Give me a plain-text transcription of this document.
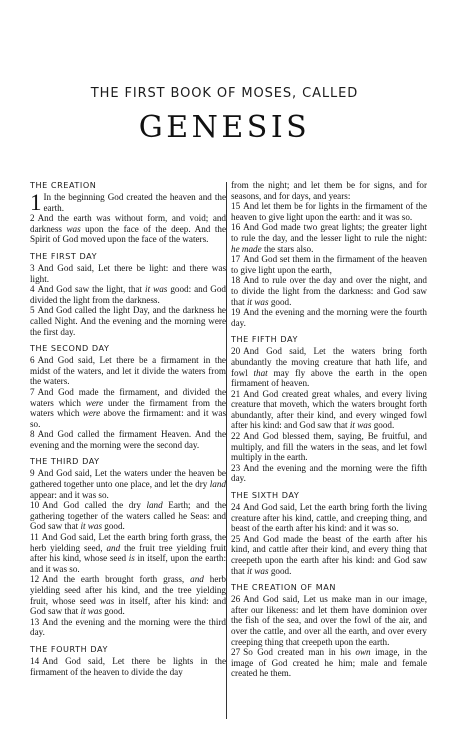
THE FIRST BOOK OF MOSES, CALLED
GENESIS
THE CREATION
1 In the beginning God created the heaven and the earth.
2 And the earth was without form, and void; and darkness was upon the face of the deep. And the Spirit of God moved upon the face of the waters.
THE FIRST DAY
3 And God said, Let there be light: and there was light.
4 And God saw the light, that it was good: and God divided the light from the darkness.
5 And God called the light Day, and the darkness he called Night. And the evening and the morning were the first day.
THE SECOND DAY
6 And God said, Let there be a firmament in the midst of the waters, and let it divide the waters from the waters.
7 And God made the firmament, and divided the waters which were under the firmament from the waters which were above the firmament: and it was so.
8 And God called the firmament Heaven. And the evening and the morning were the second day.
THE THIRD DAY
9 And God said, Let the waters under the heaven be gathered together unto one place, and let the dry land appear: and it was so.
10 And God called the dry land Earth; and the gathering together of the waters called he Seas: and God saw that it was good.
11 And God said, Let the earth bring forth grass, the herb yielding seed, and the fruit tree yielding fruit after his kind, whose seed is in itself, upon the earth: and it was so.
12 And the earth brought forth grass, and herb yielding seed after his kind, and the tree yielding fruit, whose seed was in itself, after his kind: and God saw that it was good.
13 And the evening and the morning were the third day.
THE FOURTH DAY
14 And God said, Let there be lights in the firmament of the heaven to divide the day
from the night; and let them be for signs, and for seasons, and for days, and years:
15 And let them be for lights in the firmament of the heaven to give light upon the earth: and it was so.
16 And God made two great lights; the greater light to rule the day, and the lesser light to rule the night: he made the stars also.
17 And God set them in the firmament of the heaven to give light upon the earth,
18 And to rule over the day and over the night, and to divide the light from the darkness: and God saw that it was good.
19 And the evening and the morning were the fourth day.
THE FIFTH DAY
20 And God said, Let the waters bring forth abundantly the moving creature that hath life, and fowl that may fly above the earth in the open firmament of heaven.
21 And God created great whales, and every living creature that moveth, which the waters brought forth abundantly, after their kind, and every winged fowl after his kind: and God saw that it was good.
22 And God blessed them, saying, Be fruitful, and multiply, and fill the waters in the seas, and let fowl multiply in the earth.
23 And the evening and the morning were the fifth day.
THE SIXTH DAY
24 And God said, Let the earth bring forth the living creature after his kind, cattle, and creeping thing, and beast of the earth after his kind: and it was so.
25 And God made the beast of the earth after his kind, and cattle after their kind, and every thing that creepeth upon the earth after his kind: and God saw that it was good.
THE CREATION OF MAN
26 And God said, Let us make man in our image, after our likeness: and let them have dominion over the fish of the sea, and over the fowl of the air, and over the cattle, and over all the earth, and over every creeping thing that creepeth upon the earth.
27 So God created man in his own image, in the image of God created he him; male and female created he them.
